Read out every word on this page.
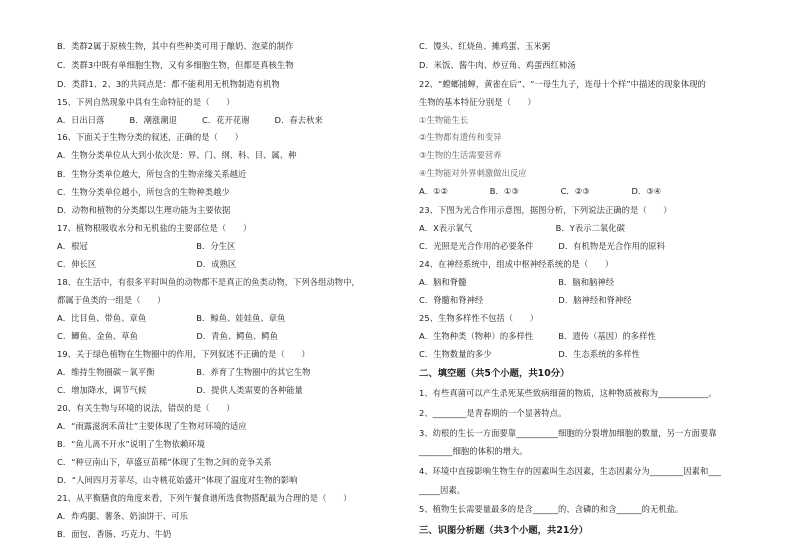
B．类群2属于原核生物，其中有些种类可用于酿奶、泡菜的制作
C．类群3中既有单细胞生物，又有多细胞生物，但都是真核生物
D．类群1、2、3的共同点是：都不能利用无机物制造有机物
15、下列自然现象中具有生命特征的是（　　）
A．日出日落　　　B．潮涨潮退　　　C．花开花谢　　　D．春去秋来
16、下面关于生物分类的叙述，正确的是（　　）
A．生物分类单位从大到小依次是：界、门、纲、科、目、属、种
B．生物分类单位越大，所包含的生物亲缘关系越近
C．生物分类单位越小，所包含的生物种类越少
D．动物和植物的分类都以生理功能为主要依据
17、植物根吸收水分和无机盐的主要部位是（　　）
A．根冠　　　　　　　　　　　　　B．分生区
C．伸长区　　　　　　　　　　　　D．成熟区
18、在生活中，有很多平时叫鱼的动物都不是真正的鱼类动物，下列各组动物中，
都属于鱼类的一组是（　　）
A．比目鱼、带鱼、章鱼　　　　　　B．鲸鱼、娃娃鱼、章鱼
C．鲫鱼、金鱼、草鱼　　　　　　　D．青鱼、鳄鱼、鳄鱼
19、关于绿色植物在生物圈中的作用，下列叙述不正确的是（　　）
A．维持生物圈碳－氧平衡　　　　　B．养育了生物圈中的其它生物
C．增加降水，调节气候　　　　　　D．提供人类需要的各种能量
20、有关生物与环境的说法，错误的是（　　）
A．“雨露滋润禾苗壮”主要体现了生物对环境的适应
B．“鱼儿离不开水”说明了生物依赖环境
C．“种豆南山下，草盛豆苗稀”体现了生物之间的竞争关系
D．“人间四月芳菲尽，山寺桃花始盛开”体现了温度对生物的影响
21、从平衡膳食的角度来看，下列午餐食谱所选食物搭配最为合理的是（　　）
A．炸鸡腿、薯条、奶油饼干、可乐
B．面包、香肠、巧克力、牛奶
C．馒头、红烧鱼、摊鸡蛋、玉米粥
D．米饭、酱牛肉、炒豆角、鸡蛋西红柿汤
22、“螳螂捕蝉，黄雀在后”、“一母生九子，连母十个样”中描述的现象体现的
生物的基本特征分别是（　　）
①生物能生长
②生物都有遗传和变异
③生物的生活需要营养
④生物能对外界刺激做出反应
A．①②　　　　　B．①③　　　　　C．②③　　　　　D．③④
23、下图为光合作用示意图，据图分析，下列说法正确的是（　　）
A．X表示氧气　　　　　　　　　　B．Y表示二氧化碳
C．光照是光合作用的必要条件　　　D．有机物是光合作用的原料
24、在神经系统中，组成中枢神经系统的是（　　）
A．脑和脊髓　　　　　　　　　　　B．脑和脑神经
C．脊髓和脊神经　　　　　　　　　D．脑神经和脊神经
25、生物多样性不包括（　　）
A．生物种类（物种）的多样性　　　B．遗传（基因）的多样性
C．生物数量的多少　　　　　　　　D．生态系统的多样性
二、填空题（共5个小题，共10分）
1、有些真菌可以产生杀死某些致病细菌的物质，这种物质被称为____________。
2、________是青春期的一个显著特点。
3、幼根的生长一方面要靠__________细胞的分裂增加细胞的数量，另一方面要靠
________细胞的体积的增大。
4、环境中直接影响生物生存的因素叫生态因素，生态因素分为________因素和___
_____因素。
5、植物生长需要量最多的是含______的、含磷的和含______的无机盐。
三、识图分析题（共3个小题，共21分）
